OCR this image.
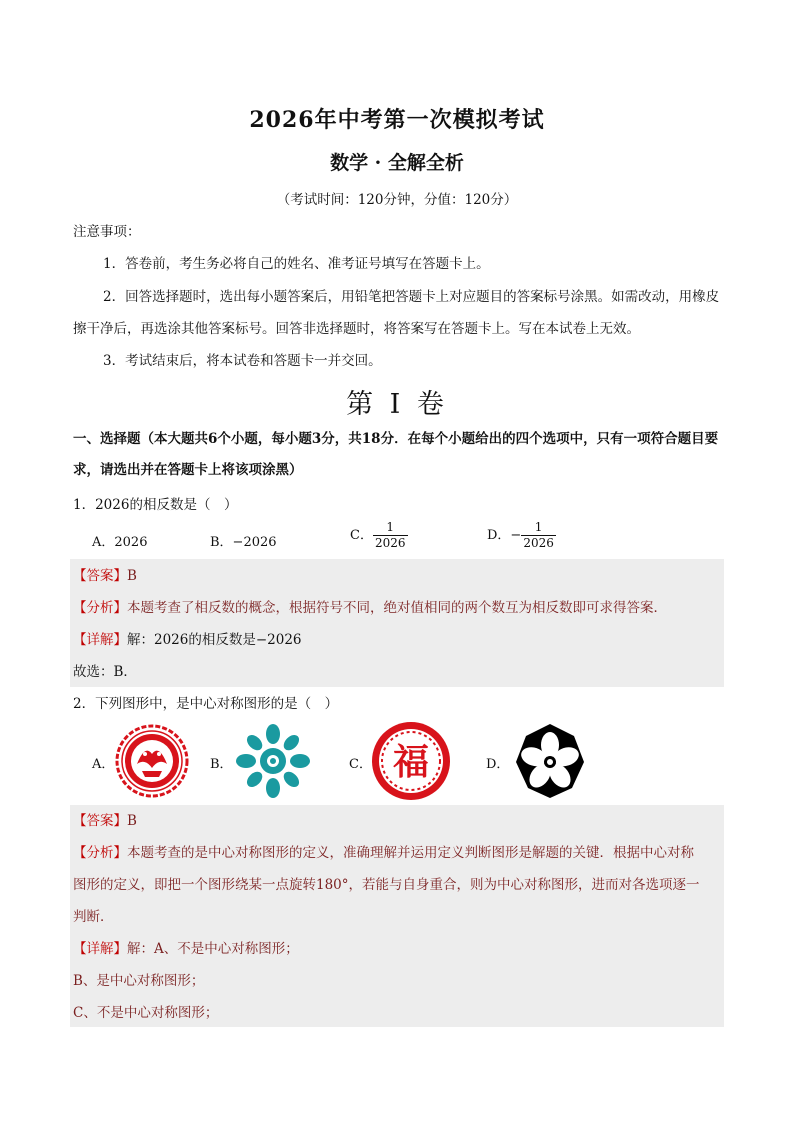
2026年中考第一次模拟考试
数学 · 全解全析
（考试时间：120分钟，分值：120分）
注意事项：
1．答卷前，考生务必将自己的姓名、准考证号填写在答题卡上。
2．回答选择题时，选出每小题答案后，用铅笔把答题卡上对应题目的答案标号涂黑。如需改动，用橡皮擦干净后，再选涂其他答案标号。回答非选择题时，将答案写在答题卡上。写在本试卷上无效。
3．考试结束后，将本试卷和答题卡一并交回。
第 I 卷
一、选择题（本大题共6个小题，每小题3分，共18分．在每个小题给出的四个选项中，只有一项符合题目要求，请选出并在答题卡上将该项涂黑）
1．2026的相反数是（　）
A．2026	B．−2026	C． $\frac{1}{2026}$	D．− $\frac{1}{2026}$
【答案】B
【分析】本题考查了相反数的概念，根据符号不同，绝对值相同的两个数互为相反数即可求得答案．
【详解】解：2026的相反数是−2026
故选：B．
2．下列图形中，是中心对称图形的是（　）
A．	B．	C． 福	D．
【答案】B
【分析】本题考查的是中心对称图形的定义，准确理解并运用定义判断图形是解题的关键．根据中心对称
图形的定义，即把一个图形绕某一点旋转180°，若能与自身重合，则为中心对称图形，进而对各选项逐一
判断．
【详解】解：A、不是中心对称图形；
B、是中心对称图形；
C、不是中心对称图形；
